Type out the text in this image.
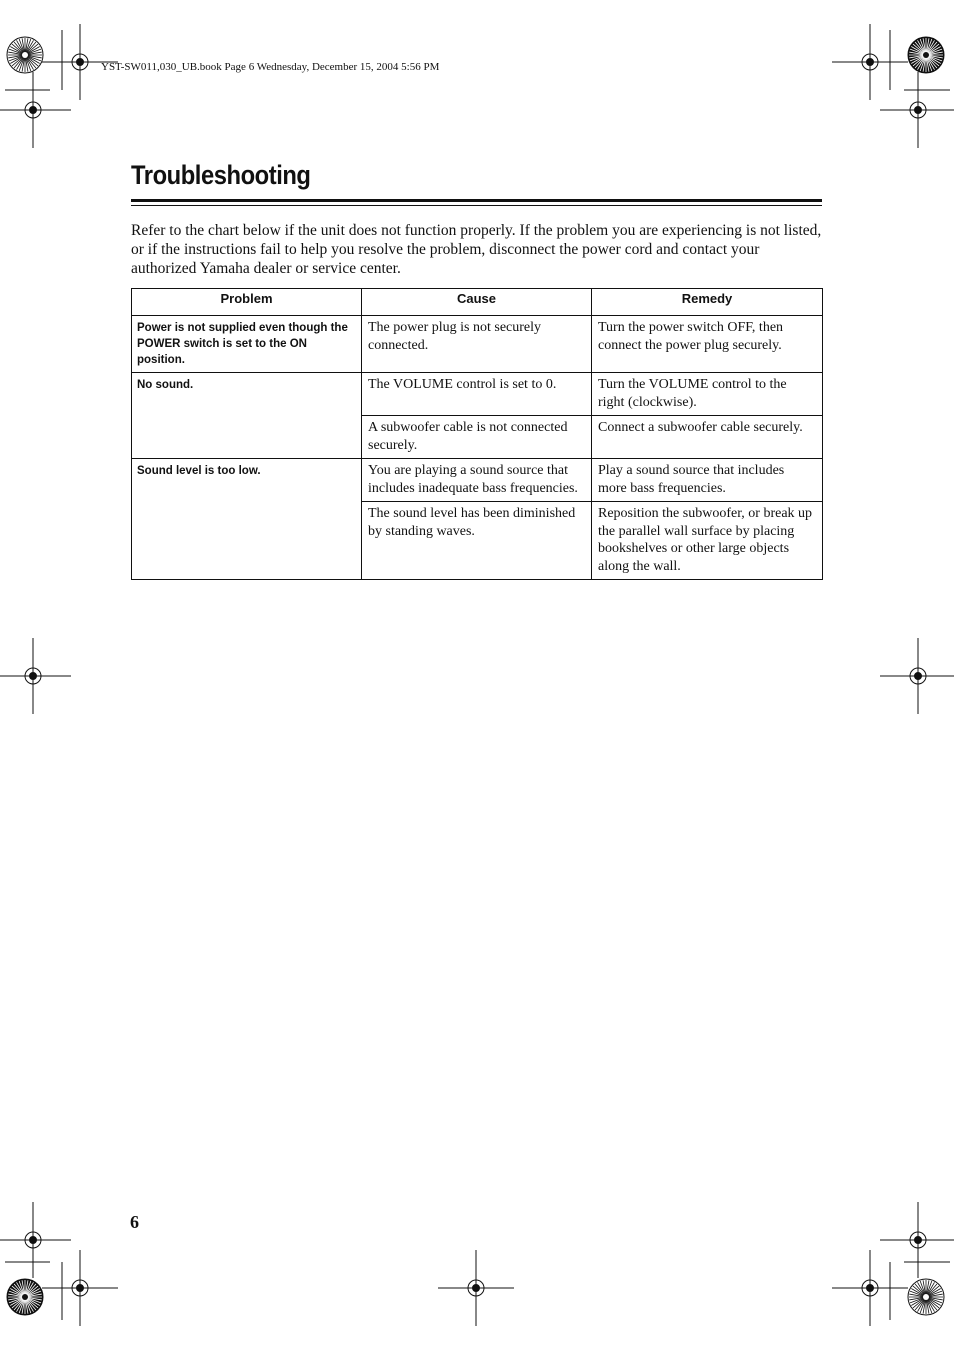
YST-SW011,030_UB.book Page 6 Wednesday, December 15, 2004 5:56 PM
Troubleshooting

Refer to the chart below if the unit does not function properly. If the problem you are experiencing is not listed, or if the instructions fail to help you resolve the problem, disconnect the power cord and contact your authorized Yamaha dealer or service center.

Problem	Cause	Remedy
Power is not supplied even though the POWER switch is set to the ON position.	The power plug is not securely connected.	Turn the power switch OFF, then connect the power plug securely.
No sound.	The VOLUME control is set to 0.	Turn the VOLUME control to the right (clockwise).
	A subwoofer cable is not connected securely.	Connect a subwoofer cable securely.
Sound level is too low.	You are playing a sound source that includes inadequate bass frequencies.	Play a sound source that includes more bass frequencies.
	The sound level has been diminished by standing waves.	Reposition the subwoofer, or break up the parallel wall surface by placing bookshelves or other large objects along the wall.
6
